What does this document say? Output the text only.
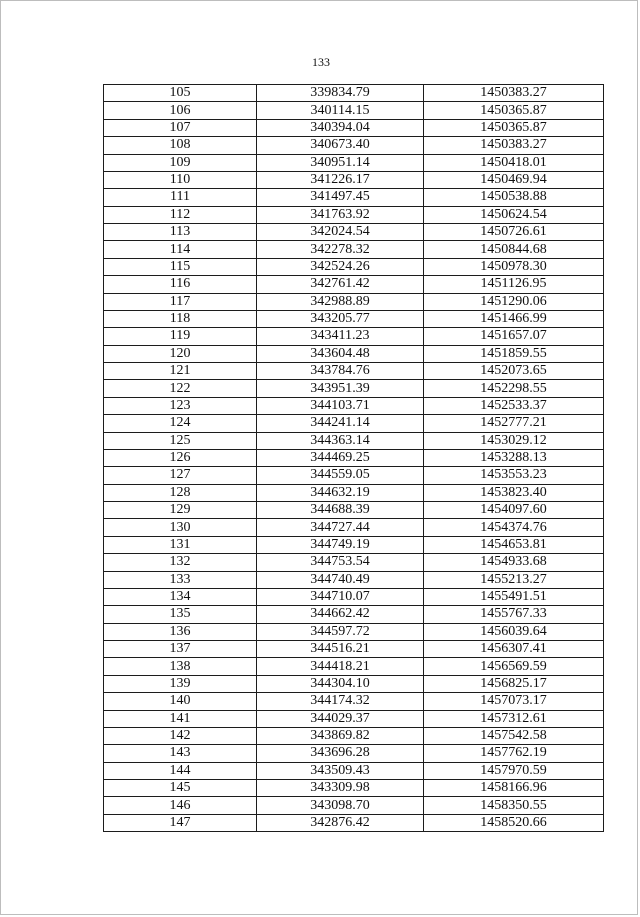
133
105	339834.79	1450383.27
106	340114.15	1450365.87
107	340394.04	1450365.87
108	340673.40	1450383.27
109	340951.14	1450418.01
110	341226.17	1450469.94
111	341497.45	1450538.88
112	341763.92	1450624.54
113	342024.54	1450726.61
114	342278.32	1450844.68
115	342524.26	1450978.30
116	342761.42	1451126.95
117	342988.89	1451290.06
118	343205.77	1451466.99
119	343411.23	1451657.07
120	343604.48	1451859.55
121	343784.76	1452073.65
122	343951.39	1452298.55
123	344103.71	1452533.37
124	344241.14	1452777.21
125	344363.14	1453029.12
126	344469.25	1453288.13
127	344559.05	1453553.23
128	344632.19	1453823.40
129	344688.39	1454097.60
130	344727.44	1454374.76
131	344749.19	1454653.81
132	344753.54	1454933.68
133	344740.49	1455213.27
134	344710.07	1455491.51
135	344662.42	1455767.33
136	344597.72	1456039.64
137	344516.21	1456307.41
138	344418.21	1456569.59
139	344304.10	1456825.17
140	344174.32	1457073.17
141	344029.37	1457312.61
142	343869.82	1457542.58
143	343696.28	1457762.19
144	343509.43	1457970.59
145	343309.98	1458166.96
146	343098.70	1458350.55
147	342876.42	1458520.66
